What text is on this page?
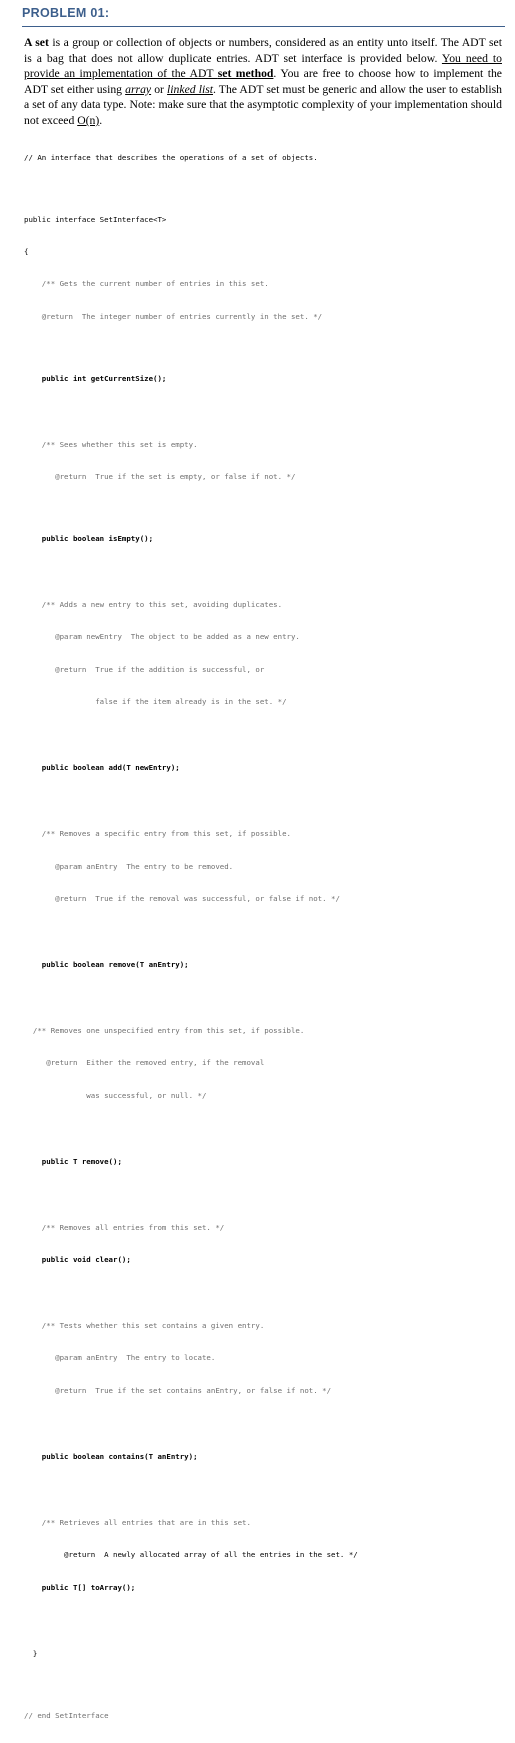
PROBLEM 01:
A set is a group or collection of objects or numbers, considered as an entity unto itself. The ADT set is a bag that does not allow duplicate entries. ADT set interface is provided below. You need to provide an implementation of the ADT set method. You are free to choose how to implement the ADT set either using array or linked list. The ADT set must be generic and allow the user to establish a set of any data type. Note: make sure that the asymptotic complexity of your implementation should not exceed O(n).

// An interface that describes the operations of a set of objects.

public interface SetInterface<T>

{

/** Gets the current number of entries in this set.

@return  The integer number of entries currently in the set. */

public int getCurrentSize();

/** Sees whether this set is empty.

@return  True if the set is empty, or false if not. */

public boolean isEmpty();

/** Adds a new entry to this set, avoiding duplicates.

@param newEntry  The object to be added as a new entry.

@return  True if the addition is successful, or

false if the item already is in the set. */

public boolean add(T newEntry);

/** Removes a specific entry from this set, if possible.

@param anEntry  The entry to be removed.

@return  True if the removal was successful, or false if not. */

public boolean remove(T anEntry);

/** Removes one unspecified entry from this set, if possible.

@return  Either the removed entry, if the removal

was successful, or null. */

public T remove();

/** Removes all entries from this set. */

public void clear();

/** Tests whether this set contains a given entry.

@param anEntry  The entry to locate.

@return  True if the set contains anEntry, or false if not. */

public boolean contains(T anEntry);

/** Retrieves all entries that are in this set.

@return  A newly allocated array of all the entries in the set. */

public T[] toArray();

}

// end SetInterface
